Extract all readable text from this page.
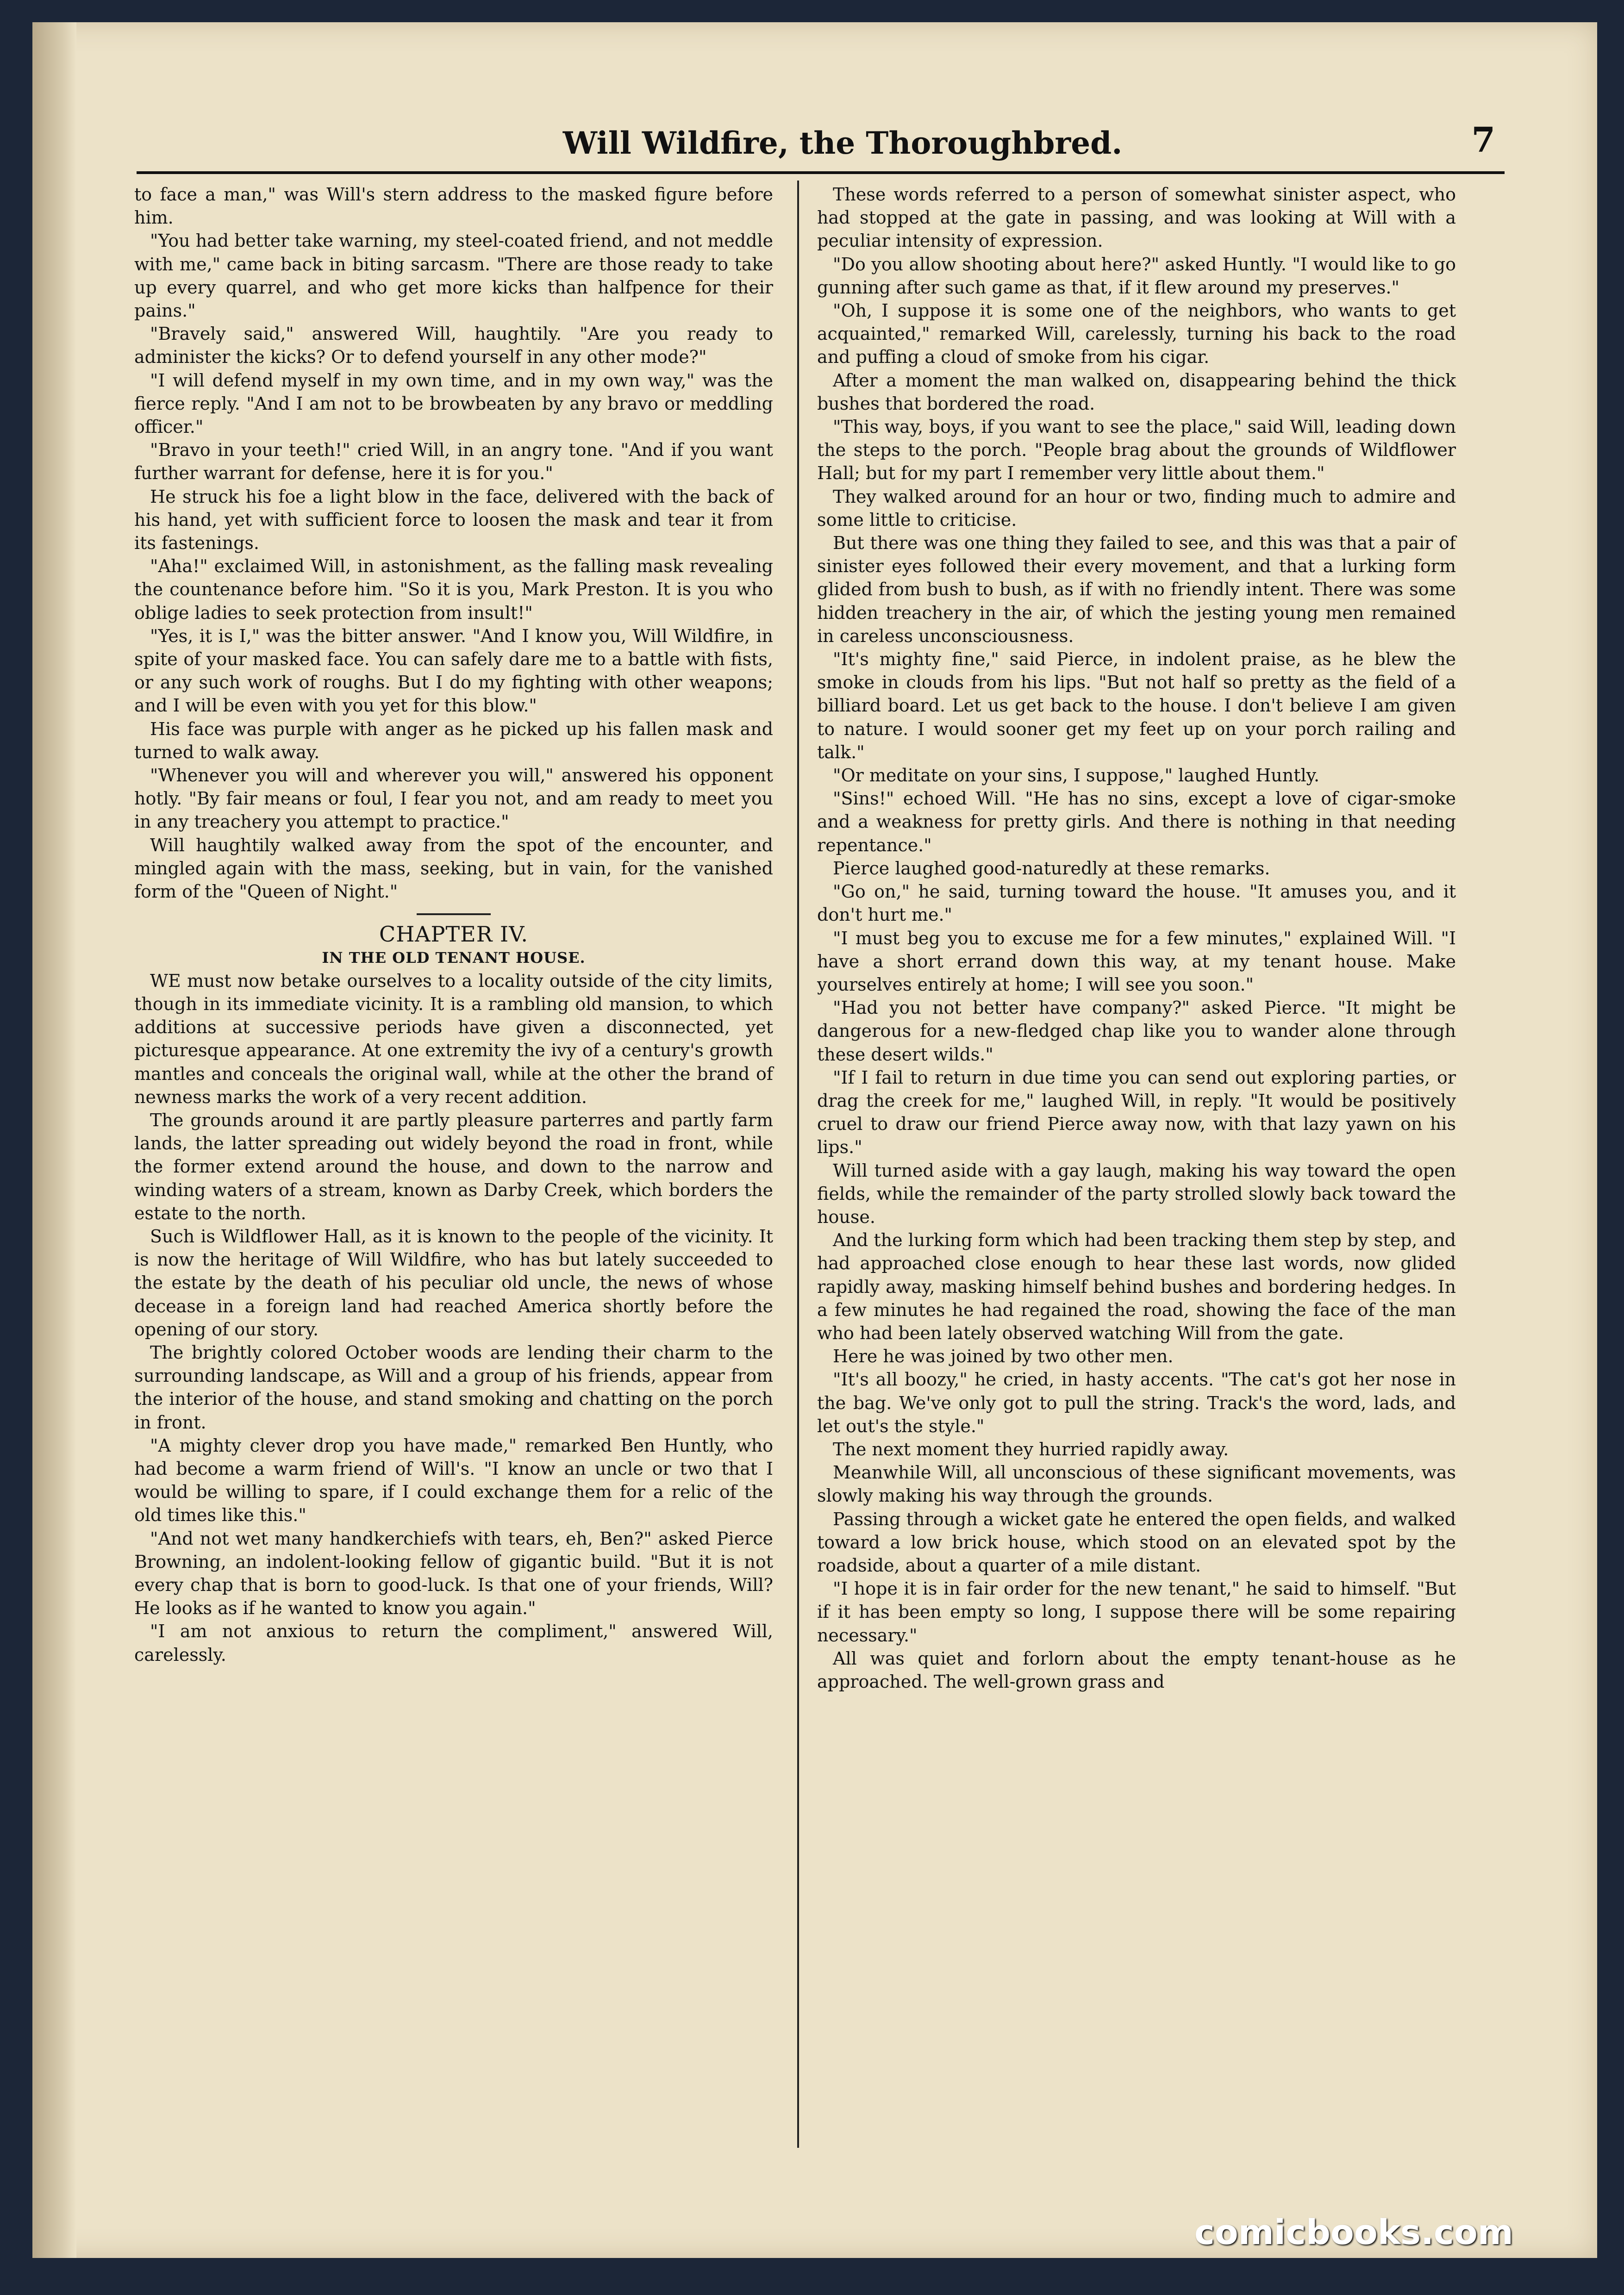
Will Wildfire, the Thoroughbred.	7

to face a man," was Will's stern address to the masked figure before him.

"You had better take warning, my steel-coated friend, and not meddle with me," came back in biting sarcasm. "There are those ready to take up every quarrel, and who get more kicks than halfpence for their pains."

"Bravely said," answered Will, haughtily. "Are you ready to administer the kicks? Or to defend yourself in any other mode?"

"I will defend myself in my own time, and in my own way," was the fierce reply. "And I am not to be browbeaten by any bravo or meddling officer."

"Bravo in your teeth!" cried Will, in an angry tone. "And if you want further warrant for defense, here it is for you."

He struck his foe a light blow in the face, delivered with the back of his hand, yet with sufficient force to loosen the mask and tear it from its fastenings.

"Aha!" exclaimed Will, in astonishment, as the falling mask revealing the countenance before him. "So it is you, Mark Preston. It is you who oblige ladies to seek protection from insult!"

"Yes, it is I," was the bitter answer. "And I know you, Will Wildfire, in spite of your masked face. You can safely dare me to a battle with fists, or any such work of roughs. But I do my fighting with other weapons; and I will be even with you yet for this blow."

His face was purple with anger as he picked up his fallen mask and turned to walk away.

"Whenever you will and wherever you will," answered his opponent hotly. "By fair means or foul, I fear you not, and am ready to meet you in any treachery you attempt to practice."

Will haughtily walked away from the spot of the encounter, and mingled again with the mass, seeking, but in vain, for the vanished form of the "Queen of Night."

CHAPTER IV.
IN THE OLD TENANT HOUSE.

WE must now betake ourselves to a locality outside of the city limits, though in its immediate vicinity. It is a rambling old mansion, to which additions at successive periods have given a disconnected, yet picturesque appearance. At one extremity the ivy of a century's growth mantles and conceals the original wall, while at the other the brand of newness marks the work of a very recent addition.

The grounds around it are partly pleasure parterres and partly farm lands, the latter spreading out widely beyond the road in front, while the former extend around the house, and down to the narrow and winding waters of a stream, known as Darby Creek, which borders the estate to the north.

Such is Wildflower Hall, as it is known to the people of the vicinity. It is now the heritage of Will Wildfire, who has but lately succeeded to the estate by the death of his peculiar old uncle, the news of whose decease in a foreign land had reached America shortly before the opening of our story.

The brightly colored October woods are lending their charm to the surrounding landscape, as Will and a group of his friends, appear from the interior of the house, and stand smoking and chatting on the porch in front.

"A mighty clever drop you have made," remarked Ben Huntly, who had become a warm friend of Will's. "I know an uncle or two that I would be willing to spare, if I could exchange them for a relic of the old times like this."

"And not wet many handkerchiefs with tears, eh, Ben?" asked Pierce Browning, an indolent-looking fellow of gigantic build. "But it is not every chap that is born to good-luck. Is that one of your friends, Will? He looks as if he wanted to know you again."

"I am not anxious to return the compliment," answered Will, carelessly.

These words referred to a person of somewhat sinister aspect, who had stopped at the gate in passing, and was looking at Will with a peculiar intensity of expression.

"Do you allow shooting about here?" asked Huntly. "I would like to go gunning after such game as that, if it flew around my preserves."

"Oh, I suppose it is some one of the neighbors, who wants to get acquainted," remarked Will, carelessly, turning his back to the road and puffing a cloud of smoke from his cigar.

After a moment the man walked on, disappearing behind the thick bushes that bordered the road.

"This way, boys, if you want to see the place," said Will, leading down the steps to the porch. "People brag about the grounds of Wildflower Hall; but for my part I remember very little about them."

They walked around for an hour or two, finding much to admire and some little to criticise.

But there was one thing they failed to see, and this was that a pair of sinister eyes followed their every movement, and that a lurking form glided from bush to bush, as if with no friendly intent. There was some hidden treachery in the air, of which the jesting young men remained in careless unconsciousness.

"It's mighty fine," said Pierce, in indolent praise, as he blew the smoke in clouds from his lips. "But not half so pretty as the field of a billiard board. Let us get back to the house. I don't believe I am given to nature. I would sooner get my feet up on your porch railing and talk."

"Or meditate on your sins, I suppose," laughed Huntly.

"Sins!" echoed Will. "He has no sins, except a love of cigar-smoke and a weakness for pretty girls. And there is nothing in that needing repentance."

Pierce laughed good-naturedly at these remarks.

"Go on," he said, turning toward the house. "It amuses you, and it don't hurt me."

"I must beg you to excuse me for a few minutes," explained Will. "I have a short errand down this way, at my tenant house. Make yourselves entirely at home; I will see you soon."

"Had you not better have company?" asked Pierce. "It might be dangerous for a new-fledged chap like you to wander alone through these desert wilds."

"If I fail to return in due time you can send out exploring parties, or drag the creek for me," laughed Will, in reply. "It would be positively cruel to draw our friend Pierce away now, with that lazy yawn on his lips."

Will turned aside with a gay laugh, making his way toward the open fields, while the remainder of the party strolled slowly back toward the house.

And the lurking form which had been tracking them step by step, and had approached close enough to hear these last words, now glided rapidly away, masking himself behind bushes and bordering hedges. In a few minutes he had regained the road, showing the face of the man who had been lately observed watching Will from the gate.

Here he was joined by two other men.

"It's all boozy," he cried, in hasty accents. "The cat's got her nose in the bag. We've only got to pull the string. Track's the word, lads, and let out's the style."

The next moment they hurried rapidly away.

Meanwhile Will, all unconscious of these significant movements, was slowly making his way through the grounds.

Passing through a wicket gate he entered the open fields, and walked toward a low brick house, which stood on an elevated spot by the roadside, about a quarter of a mile distant.

"I hope it is in fair order for the new tenant," he said to himself. "But if it has been empty so long, I suppose there will be some repairing necessary."

All was quiet and forlorn about the empty tenant-house as he approached. The well-grown grass and

comicbooks.com
